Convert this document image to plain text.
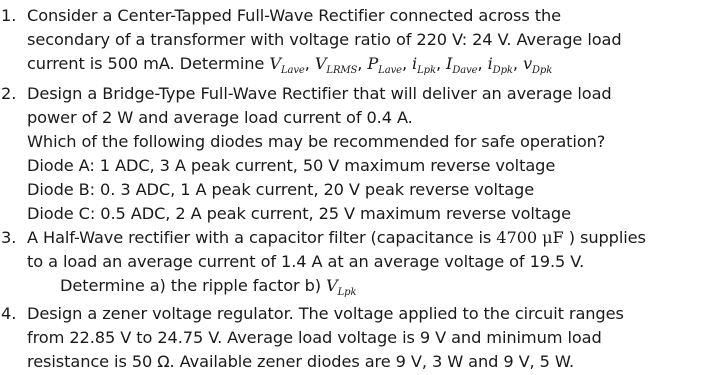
1. Consider a Center-Tapped Full-Wave Rectifier connected across the
secondary of a transformer with voltage ratio of 220 V: 24 V. Average load
current is 500 mA. Determine $V_{Lave}$, $V_{LRMS}$, $P_{Lave}$, $i_{Lpk}$, $I_{Dave}$, $i_{Dpk}$, $v_{Dpk}$
2. Design a Bridge-Type Full-Wave Rectifier that will deliver an average load
power of 2 W and average load current of 0.4 A.
Which of the following diodes may be recommended for safe operation?
Diode A: 1 ADC, 3 A peak current, 50 V maximum reverse voltage
Diode B: 0. 3 ADC, 1 A peak current, 20 V peak reverse voltage
Diode C: 0.5 ADC, 2 A peak current, 25 V maximum reverse voltage
3. A Half-Wave rectifier with a capacitor filter (capacitance is 4700 μF ) supplies
to a load an average current of 1.4 A at an average voltage of 19.5 V.
Determine a) the ripple factor b) $V_{Lpk}$
4. Design a zener voltage regulator. The voltage applied to the circuit ranges
from 22.85 V to 24.75 V. Average load voltage is 9 V and minimum load
resistance is 50 Ω. Available zener diodes are 9 V, 3 W and 9 V, 5 W.
